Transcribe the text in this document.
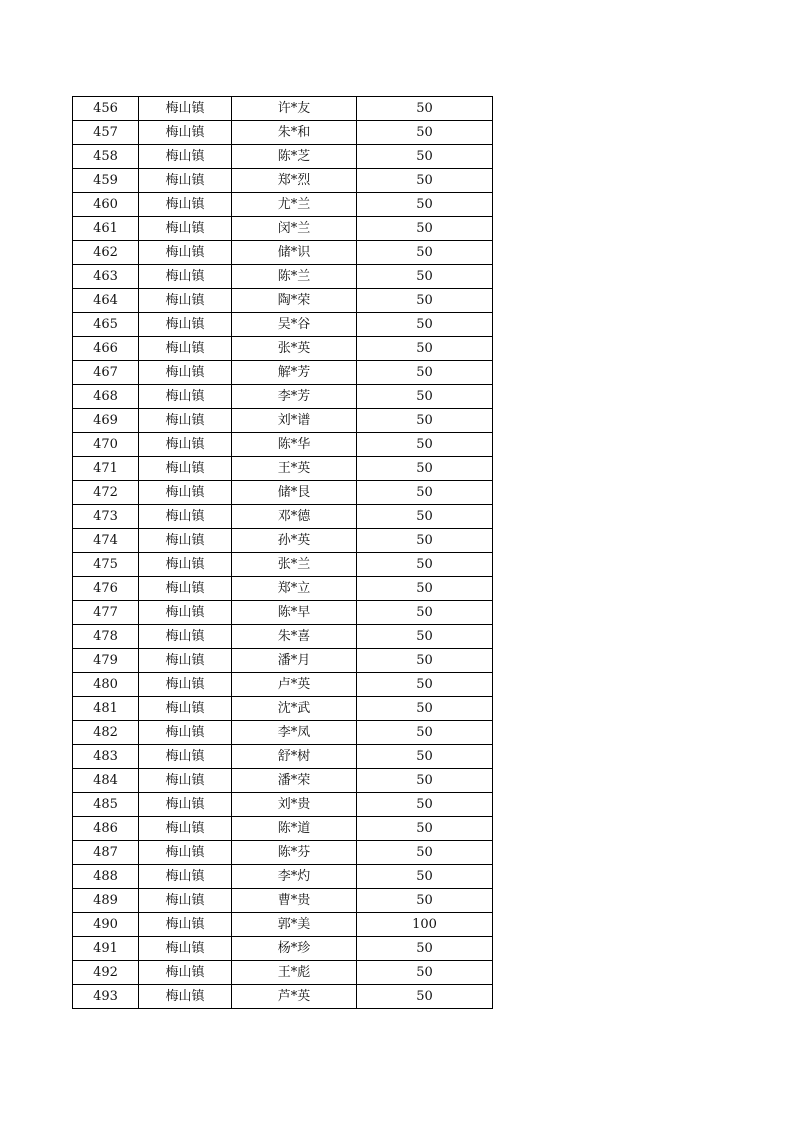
456	梅山镇	许*友	50
457	梅山镇	朱*和	50
458	梅山镇	陈*芝	50
459	梅山镇	郑*烈	50
460	梅山镇	尤*兰	50
461	梅山镇	闵*兰	50
462	梅山镇	储*识	50
463	梅山镇	陈*兰	50
464	梅山镇	陶*荣	50
465	梅山镇	吴*谷	50
466	梅山镇	张*英	50
467	梅山镇	解*芳	50
468	梅山镇	李*芳	50
469	梅山镇	刘*谱	50
470	梅山镇	陈*华	50
471	梅山镇	王*英	50
472	梅山镇	储*艮	50
473	梅山镇	邓*德	50
474	梅山镇	孙*英	50
475	梅山镇	张*兰	50
476	梅山镇	郑*立	50
477	梅山镇	陈*早	50
478	梅山镇	朱*喜	50
479	梅山镇	潘*月	50
480	梅山镇	卢*英	50
481	梅山镇	沈*武	50
482	梅山镇	李*凤	50
483	梅山镇	舒*树	50
484	梅山镇	潘*荣	50
485	梅山镇	刘*贵	50
486	梅山镇	陈*道	50
487	梅山镇	陈*芬	50
488	梅山镇	李*灼	50
489	梅山镇	曹*贵	50
490	梅山镇	郭*美	100
491	梅山镇	杨*珍	50
492	梅山镇	王*彪	50
493	梅山镇	芦*英	50
